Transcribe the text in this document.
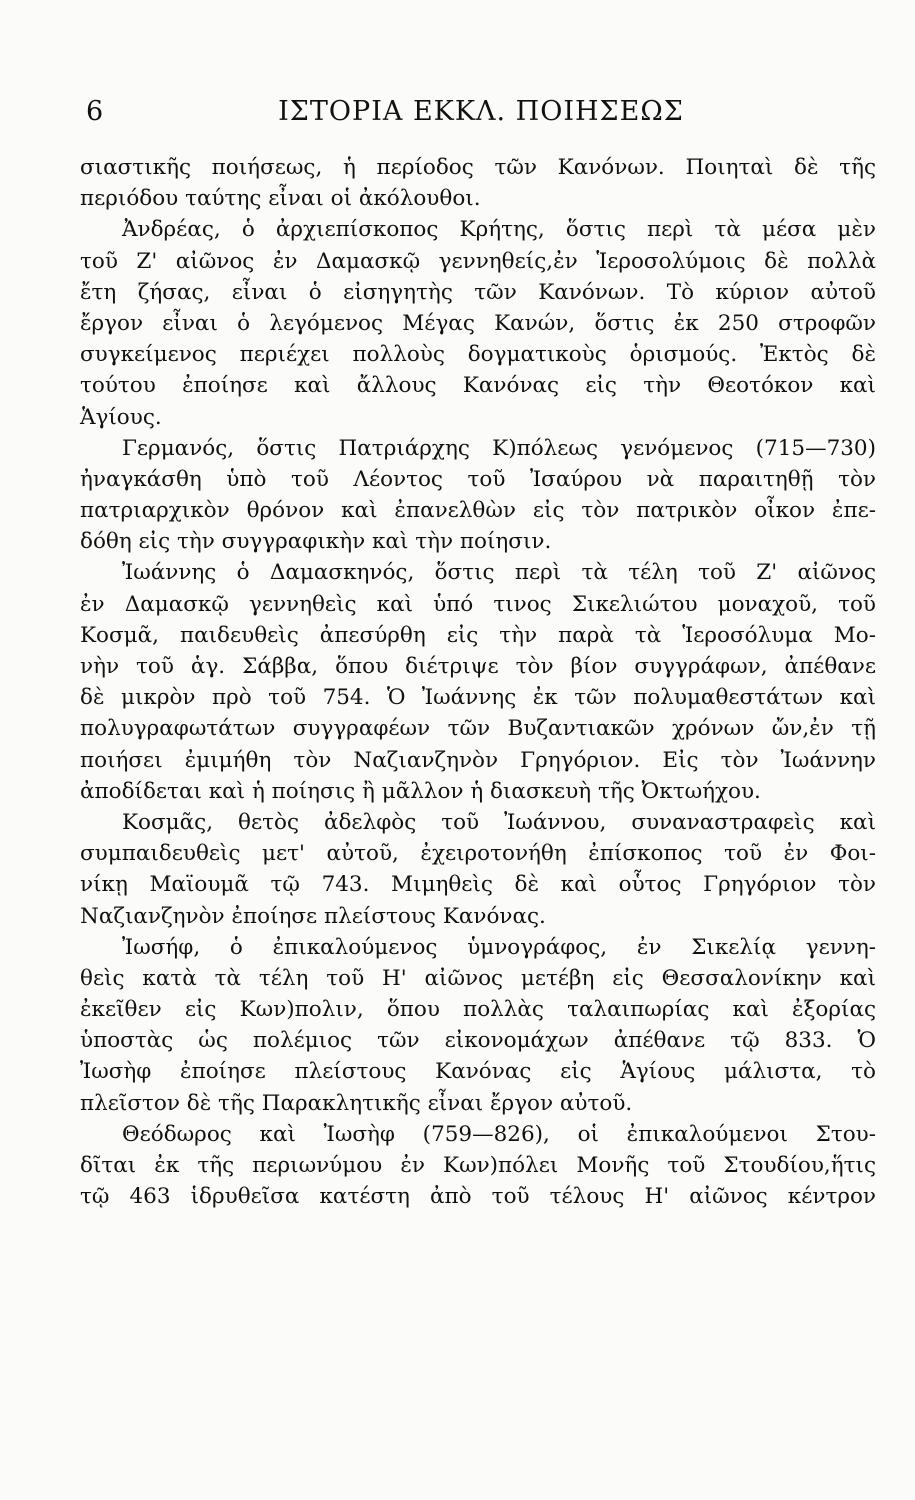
6	ΙΣΤΟΡΙΑ ΕΚΚΛ. ΠΟΙΗΣΕΩΣ
σιαστικῆς ποιήσεως, ἡ περίοδος τῶν Κανόνων. Ποιηταὶ δὲ τῆς
περιόδου ταύτης εἶναι οἱ ἀκόλουθοι.
Ἀνδρέας, ὁ ἀρχιεπίσκοπος Κρήτης, ὅστις περὶ τὰ μέσα μὲν
τοῦ Ζ' αἰῶνος ἐν Δαμασκῷ γεννηθείς,ἐν Ἱεροσολύμοις δὲ πολλὰ
ἔτη ζήσας, εἶναι ὁ εἰσηγητὴς τῶν Κανόνων. Τὸ κύριον αὐτοῦ
ἔργον εἶναι ὁ λεγόμενος Μέγας Κανών, ὅστις ἐκ 250 στροφῶν
συγκείμενος περιέχει πολλοὺς δογματικοὺς ὁρισμούς. Ἐκτὸς δὲ
τούτου ἐποίησε καὶ ἄλλους Κανόνας εἰς τὴν Θεοτόκον καὶ
Ἁγίους.
Γερμανός, ὅστις Πατριάρχης Κ)πόλεως γενόμενος (715—730)
ἠναγκάσθη ὑπὸ τοῦ Λέοντος τοῦ Ἰσαύρου νὰ παραιτηθῇ τὸν
πατριαρχικὸν θρόνον καὶ ἐπανελθὼν εἰς τὸν πατρικὸν οἶκον ἐπε-
δόθη εἰς τὴν συγγραφικὴν καὶ τὴν ποίησιν.
Ἰωάννης ὁ Δαμασκηνός, ὅστις περὶ τὰ τέλη τοῦ Ζ' αἰῶνος
ἐν Δαμασκῷ γεννηθεὶς καὶ ὑπό τινος Σικελιώτου μοναχοῦ, τοῦ
Κοσμᾶ, παιδευθεὶς ἀπεσύρθη εἰς τὴν παρὰ τὰ Ἱεροσόλυμα Μο-
νὴν τοῦ ἁγ. Σάββα, ὅπου διέτριψε τὸν βίον συγγράφων, ἀπέθανε
δὲ μικρὸν πρὸ τοῦ 754. Ὁ Ἰωάννης ἐκ τῶν πολυμαθεστάτων καὶ
πολυγραφωτάτων συγγραφέων τῶν Βυζαντιακῶν χρόνων ὤν,ἐν τῇ
ποιήσει ἐμιμήθη τὸν Ναζιανζηνὸν Γρηγόριον. Εἰς τὸν Ἰωάννην
ἀποδίδεται καὶ ἡ ποίησις ἢ μᾶλλον ἡ διασκευὴ τῆς Ὀκτωήχου.
Κοσμᾶς, θετὸς ἀδελφὸς τοῦ Ἰωάννου, συναναστραφεὶς καὶ
συμπαιδευθεὶς μετ' αὐτοῦ, ἐχειροτονήθη ἐπίσκοπος τοῦ ἐν Φοι-
νίκῃ Μαϊουμᾶ τῷ 743. Μιμηθεὶς δὲ καὶ οὗτος Γρηγόριον τὸν
Ναζιανζηνὸν ἐποίησε πλείστους Κανόνας.
Ἰωσήφ, ὁ ἐπικαλούμενος ὑμνογράφος, ἐν Σικελίᾳ γεννη-
θεὶς κατὰ τὰ τέλη τοῦ Η' αἰῶνος μετέβη εἰς Θεσσαλονίκην καὶ
ἐκεῖθεν εἰς Κων)πολιν, ὅπου πολλὰς ταλαιπωρίας καὶ ἐξορίας
ὑποστὰς ὡς πολέμιος τῶν εἰκονομάχων ἀπέθανε τῷ 833. Ὁ
Ἰωσὴφ ἐποίησε πλείστους Κανόνας εἰς Ἁγίους μάλιστα, τὸ
πλεῖστον δὲ τῆς Παρακλητικῆς εἶναι ἔργον αὐτοῦ.
Θεόδωρος καὶ Ἰωσὴφ (759—826), οἱ ἐπικαλούμενοι Στου-
δῖται ἐκ τῆς περιωνύμου ἐν Κων)πόλει Μονῆς τοῦ Στουδίου,ἥτις
τῷ 463 ἱδρυθεῖσα κατέστη ἀπὸ τοῦ τέλους Η' αἰῶνος κέντρον
